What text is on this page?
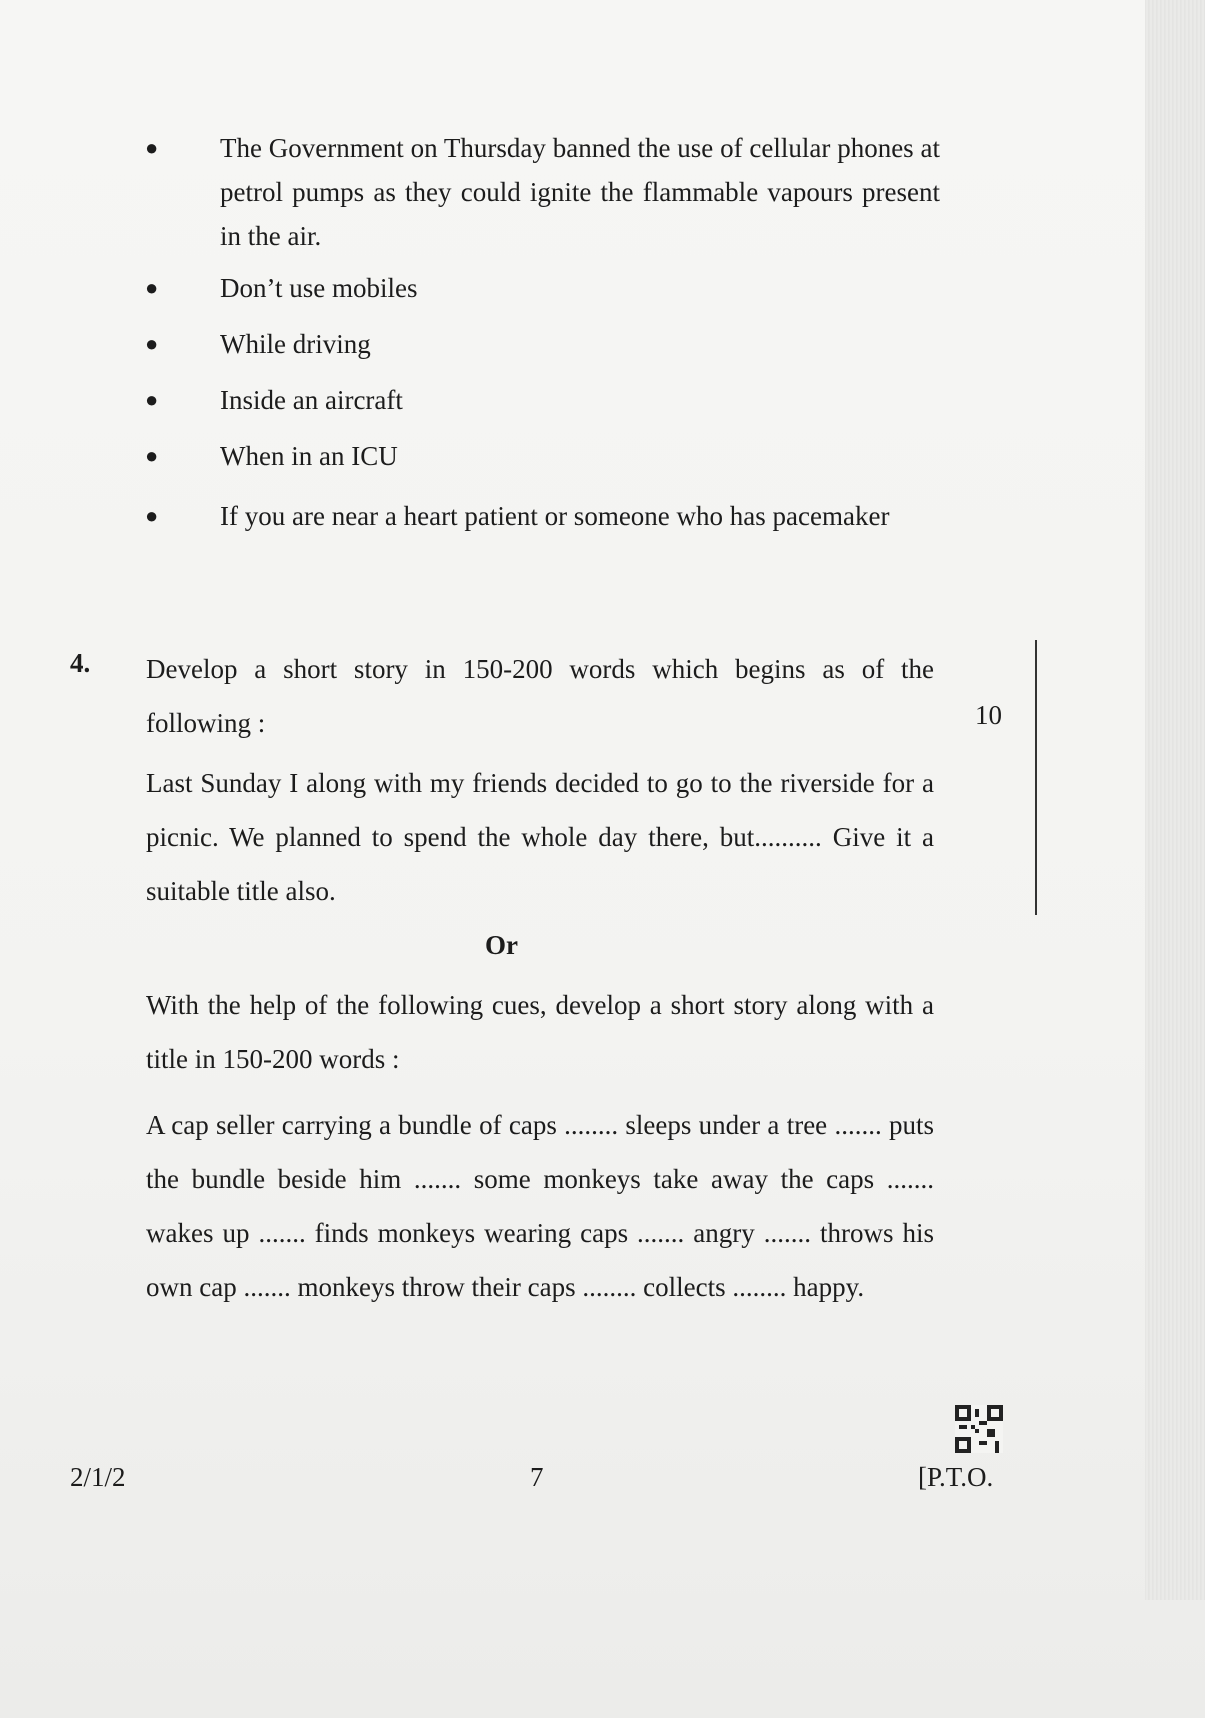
● The Government on Thursday banned the use of cellular phones at petrol pumps as they could ignite the flammable vapours present in the air.
● Don’t use mobiles
● While driving
● Inside an aircraft
● When in an ICU
● If you are near a heart patient or someone who has pacemaker
4. Develop a short story in 150-200 words which begins as of the following :	10

Last Sunday I along with my friends decided to go to the riverside for a picnic. We planned to spend the whole day there, but.......... Give it a suitable title also.

Or

With the help of the following cues, develop a short story along with a title in 150-200 words :

A cap seller carrying a bundle of caps ........ sleeps under a tree ....... puts the bundle beside him ....... some monkeys take away the caps ....... wakes up ....... finds monkeys wearing caps ....... angry ....... throws his own cap ....... monkeys throw their caps ........ collects ........ happy.

2/1/2	7	[P.T.O.
